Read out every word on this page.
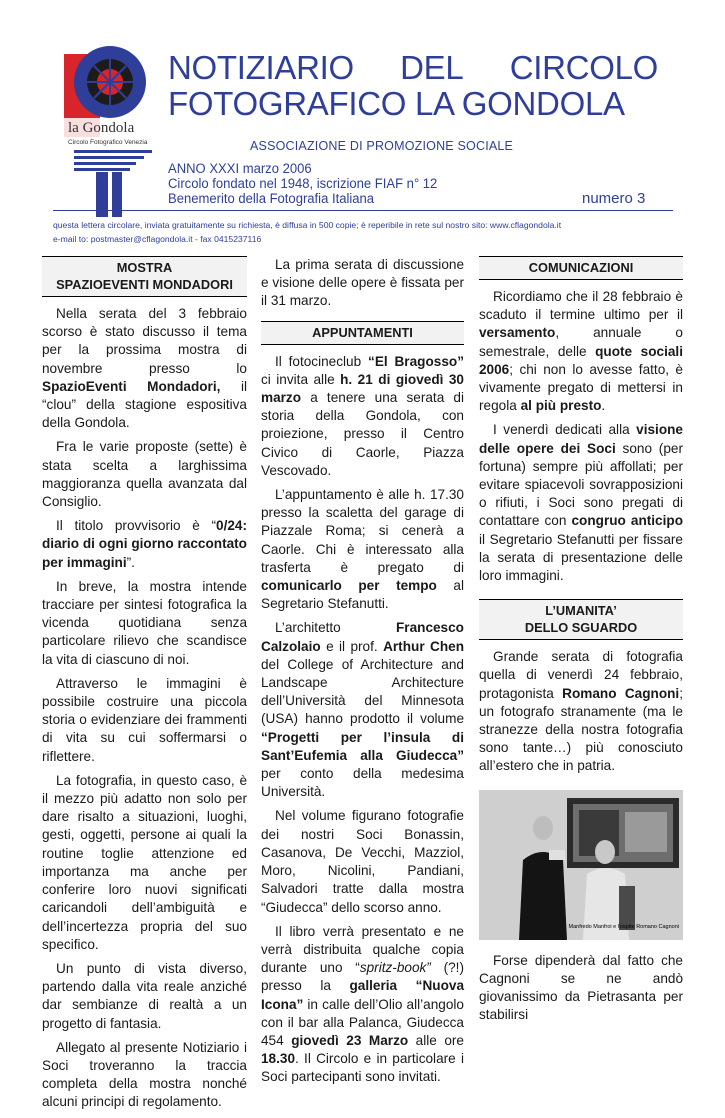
la Gondola
Circolo Fotografico Venezia
NOTIZIARIO DEL CIRCOLO
FOTOGRAFICO LA GONDOLA
ASSOCIAZIONE DI PROMOZIONE SOCIALE
ANNO XXXI marzo 2006
Circolo fondato nel 1948, iscrizione FIAF n° 12
Benemerito della Fotografia Italiana	numero 3
questa lettera circolare, inviata gratuitamente su richiesta, è diffusa in 500 copie; è reperibile in rete sul nostro sito: www.cflagondola.it
e-mail to: postmaster@cflagondola.it - fax 0415237116
MOSTRA
SPAZIOEVENTI MONDADORI

Nella serata del 3 febbraio scorso è stato discusso il tema per la prossima mostra di novembre presso lo SpazioEventi Mondadori, il “clou” della stagione espositiva della Gondola.

Fra le varie proposte (sette) è stata scelta a larghissima maggioranza quella avanzata dal Consiglio.

Il titolo provvisorio è “0/24: diario di ogni giorno raccontato per immagini”.

In breve, la mostra intende tracciare per sintesi fotografica la vicenda quotidiana senza particolare rilievo che scandisce la vita di ciascuno di noi.

Attraverso le immagini è possibile costruire una piccola storia o evidenziare dei frammenti di vita su cui soffermarsi o riflettere.

La fotografia, in questo caso, è il mezzo più adatto non solo per dare risalto a situazioni, luoghi, gesti, oggetti, persone ai quali la routine toglie attenzione ed importanza ma anche per conferire loro nuovi significati caricandoli dell’ambiguità e dell’incertezza propria del suo specifico.

Un punto di vista diverso, partendo dalla vita reale anziché dar sembianze di realtà a un progetto di fantasia.

Allegato al presente Notiziario i Soci troveranno la traccia completa della mostra nonché alcuni principi di regolamento.

La prima serata di discussione e visione delle opere è fissata per il 31 marzo.

APPUNTAMENTI

Il fotocineclub “El Bragosso” ci invita alle h. 21 di giovedì 30 marzo a tenere una serata di storia della Gondola, con proiezione, presso il Centro Civico di Caorle, Piazza Vescovado.

L’appuntamento è alle h. 17.30 presso la scaletta del garage di Piazzale Roma; si cenerà a Caorle. Chi è interessato alla trasferta è pregato di comunicarlo per tempo al Segretario Stefanutti.

L’architetto Francesco Calzolaio e il prof. Arthur Chen del College of Architecture and Landscape Architecture dell’Università del Minnesota (USA) hanno prodotto il volume “Progetti per l’insula di Sant’Eufemia alla Giudecca” per conto della medesima Università.

Nel volume figurano fotografie dei nostri Soci Bonassin, Casanova, De Vecchi, Mazziol, Moro, Nicolini, Pandiani, Salvadori tratte dalla mostra “Giudecca” dello scorso anno.

Il libro verrà presentato e ne verrà distribuita qualche copia durante uno “spritz-book” (?!) presso la galleria “Nuova Icona” in calle dell’Olio all’angolo con il bar alla Palanca, Giudecca 454 giovedì 23 Marzo alle ore 18.30. Il Circolo e in particolare i Soci partecipanti sono invitati.

COMUNICAZIONI

Ricordiamo che il 28 febbraio è scaduto il termine ultimo per il versamento, annuale o semestrale, delle quote sociali 2006; chi non lo avesse fatto, è vivamente pregato di mettersi in regola al più presto.

I venerdì dedicati alla visione delle opere dei Soci sono (per fortuna) sempre più affollati; per evitare spiacevoli sovrapposizioni o rifiuti, i Soci sono pregati di contattare con congruo anticipo il Segretario Stefanutti per fissare la serata di presentazione delle loro immagini.

L’UMANITA’
DELLO SGUARDO

Grande serata di fotografia quella di venerdì 24 febbraio, protagonista Romano Cagnoni; un fotografo stranamente (ma le stranezze della nostra fotografia sono tante…) più conosciuto all’estero che in patria.

Manfredo Manfroi e l'ospite Romano Cagnoni

Forse dipenderà dal fatto che Cagnoni se ne andò giovanissimo da Pietrasanta per stabilirsi
